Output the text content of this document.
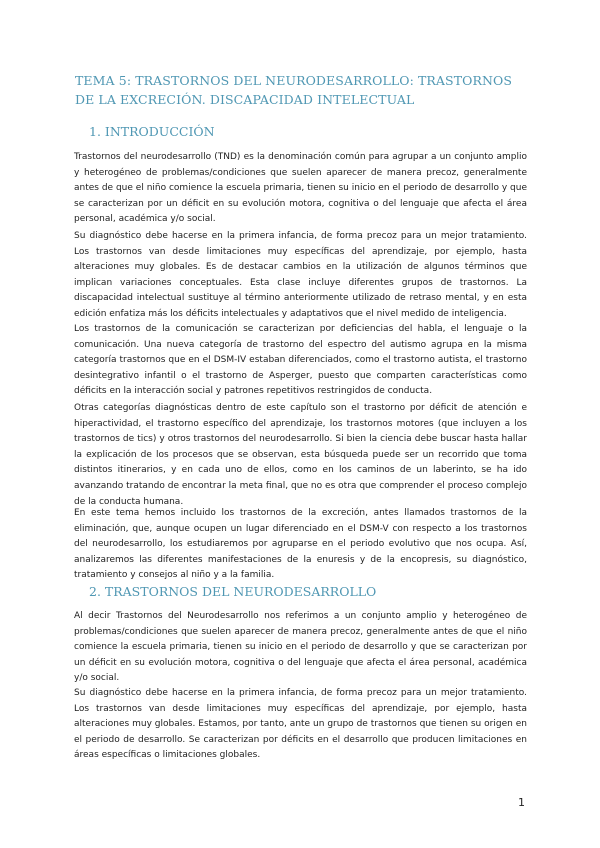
TEMA 5: TRASTORNOS DEL NEURODESARROLLO: TRASTORNOS DE LA EXCRECIÓN. DISCAPACIDAD INTELECTUAL
1. INTRODUCCIÓN

Trastornos del neurodesarrollo (TND) es la denominación común para agrupar a un conjunto amplio y heterogéneo de problemas/condiciones que suelen aparecer de manera precoz, generalmente antes de que el niño comience la escuela primaria, tienen su inicio en el periodo de desarrollo y que se caracterizan por un déficit en su evolución motora, cognitiva o del lenguaje que afecta el área personal, académica y/o social.

Su diagnóstico debe hacerse en la primera infancia, de forma precoz para un mejor tratamiento. Los trastornos van desde limitaciones muy específicas del aprendizaje, por ejemplo, hasta alteraciones muy globales. Es de destacar cambios en la utilización de algunos términos que implican variaciones conceptuales. Esta clase incluye diferentes grupos de trastornos. La discapacidad intelectual sustituye al término anteriormente utilizado de retraso mental, y en esta edición enfatiza más los déficits intelectuales y adaptativos que el nivel medido de inteligencia.

Los trastornos de la comunicación se caracterizan por deficiencias del habla, el lenguaje o la comunicación. Una nueva categoría de trastorno del espectro del autismo agrupa en la misma categoría trastornos que en el DSM-IV estaban diferenciados, como el trastorno autista, el trastorno desintegrativo infantil o el trastorno de Asperger, puesto que comparten características como déficits en la interacción social y patrones repetitivos restringidos de conducta.

Otras categorías diagnósticas dentro de este capítulo son el trastorno por déficit de atención e hiperactividad, el trastorno específico del aprendizaje, los trastornos motores (que incluyen a los trastornos de tics) y otros trastornos del neurodesarrollo. Si bien la ciencia debe buscar hasta hallar la explicación de los procesos que se observan, esta búsqueda puede ser un recorrido que toma distintos itinerarios, y en cada uno de ellos, como en los caminos de un laberinto, se ha ido avanzando tratando de encontrar la meta final, que no es otra que comprender el proceso complejo de la conducta humana.

En este tema hemos incluido los trastornos de la excreción, antes llamados trastornos de la eliminación, que, aunque ocupen un lugar diferenciado en el DSM-V con respecto a los trastornos del neurodesarrollo, los estudiaremos por agruparse en el periodo evolutivo que nos ocupa. Así, analizaremos las diferentes manifestaciones de la enuresis y de la encopresis, su diagnóstico, tratamiento y consejos al niño y a la familia.

2. TRASTORNOS DEL NEURODESARROLLO

Al decir Trastornos del Neurodesarrollo nos referimos a un conjunto amplio y heterogéneo de problemas/condiciones que suelen aparecer de manera precoz, generalmente antes de que el niño comience la escuela primaria, tienen su inicio en el periodo de desarrollo y que se caracterizan por un déficit en su evolución motora, cognitiva o del lenguaje que afecta el área personal, académica y/o social.

Su diagnóstico debe hacerse en la primera infancia, de forma precoz para un mejor tratamiento. Los trastornos van desde limitaciones muy específicas del aprendizaje, por ejemplo, hasta alteraciones muy globales. Estamos, por tanto, ante un grupo de trastornos que tienen su origen en el periodo de desarrollo. Se caracterizan por déficits en el desarrollo que producen limitaciones en áreas específicas o limitaciones globales.

1
